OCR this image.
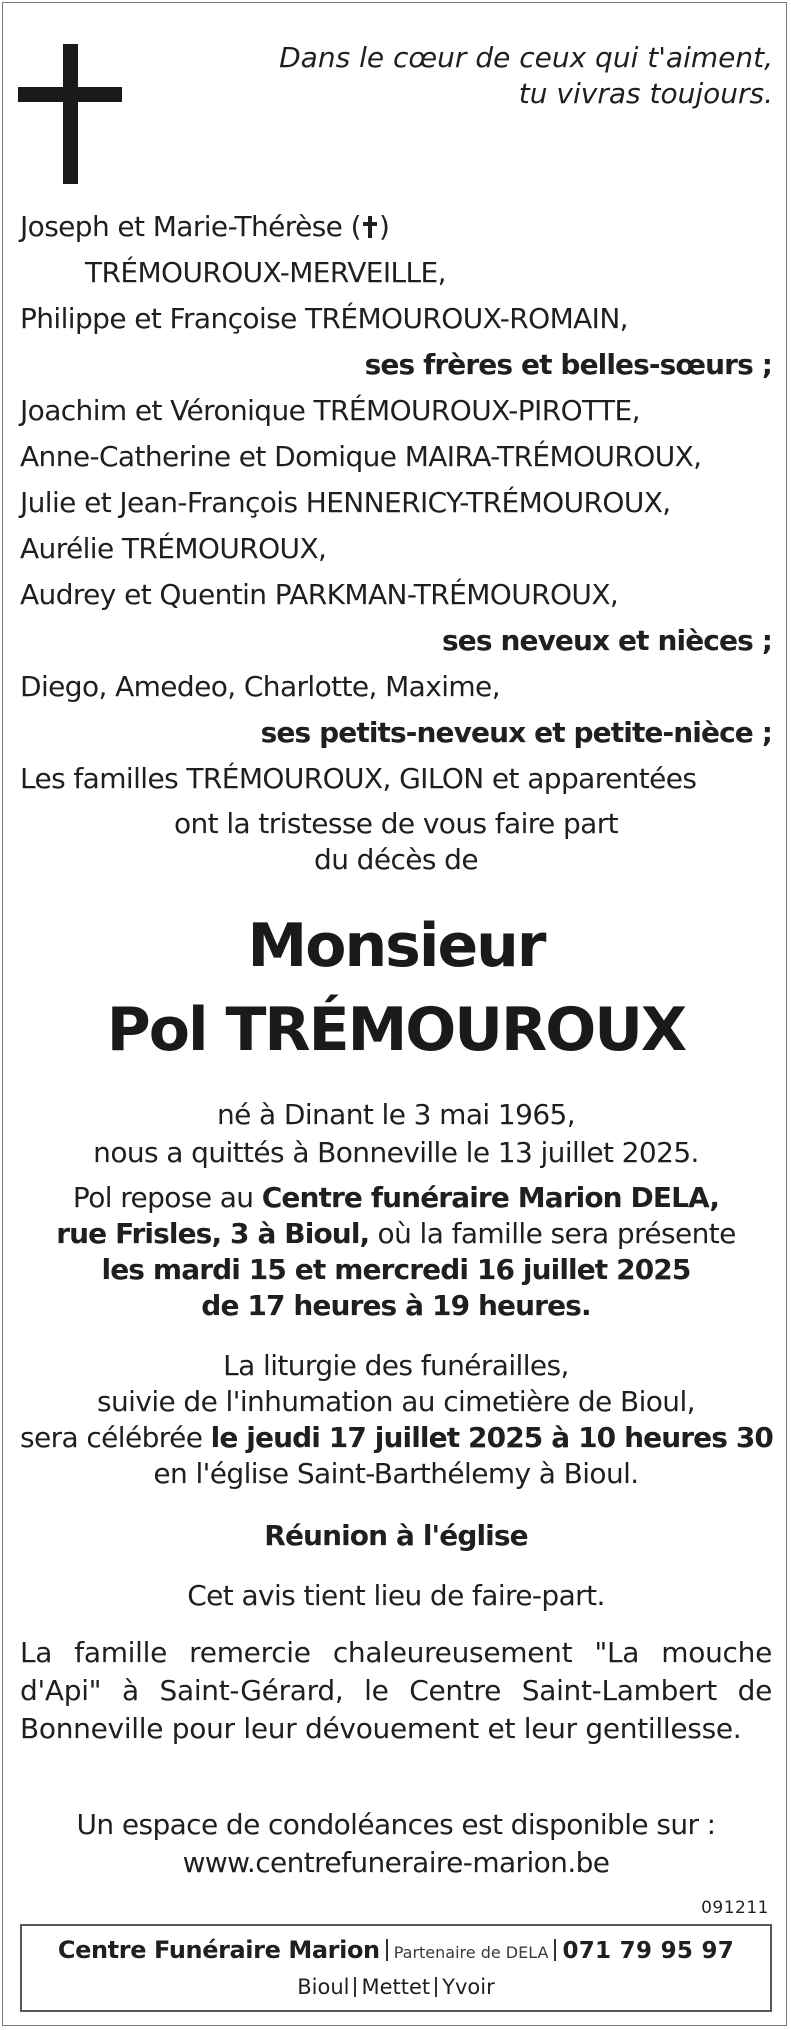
Dans le cœur de ceux qui t'aiment,
tu vivras toujours.
Joseph et Marie-Thérèse ( )
TRÉMOUROUX-MERVEILLE,
Philippe et Françoise TRÉMOUROUX-ROMAIN,
ses frères et belles-sœurs ;
Joachim et Véronique TRÉMOUROUX-PIROTTE,
Anne-Catherine et Domique MAIRA-TRÉMOUROUX,
Julie et Jean-François HENNERICY-TRÉMOUROUX,
Aurélie TRÉMOUROUX,
Audrey et Quentin PARKMAN-TRÉMOUROUX,
ses neveux et nièces ;
Diego, Amedeo, Charlotte, Maxime,
ses petits-neveux et petite-nièce ;
Les familles TRÉMOUROUX, GILON et apparentées
ont la tristesse de vous faire part
du décès de
Monsieur
Pol TRÉMOUROUX
né à Dinant le 3 mai 1965,
nous a quittés à Bonneville le 13 juillet 2025.
Pol repose au Centre funéraire Marion DELA,
rue Frisles, 3 à Bioul, où la famille sera présente
les mardi 15 et mercredi 16 juillet 2025
de 17 heures à 19 heures.
La liturgie des funérailles,
suivie de l'inhumation au cimetière de Bioul,
sera célébrée le jeudi 17 juillet 2025 à 10 heures 30
en l'église Saint-Barthélemy à Bioul.
Réunion à l'église
Cet avis tient lieu de faire-part.
La famille remercie chaleureusement "La mouche d'Api" à Saint-Gérard, le Centre Saint-Lambert de Bonneville pour leur dévouement et leur gentillesse.
Un espace de condoléances est disponible sur :
www.centrefuneraire-marion.be
091211
Centre Funéraire Marion Partenaire de DELA 071 79 95 97
Bioul Mettet Yvoir
